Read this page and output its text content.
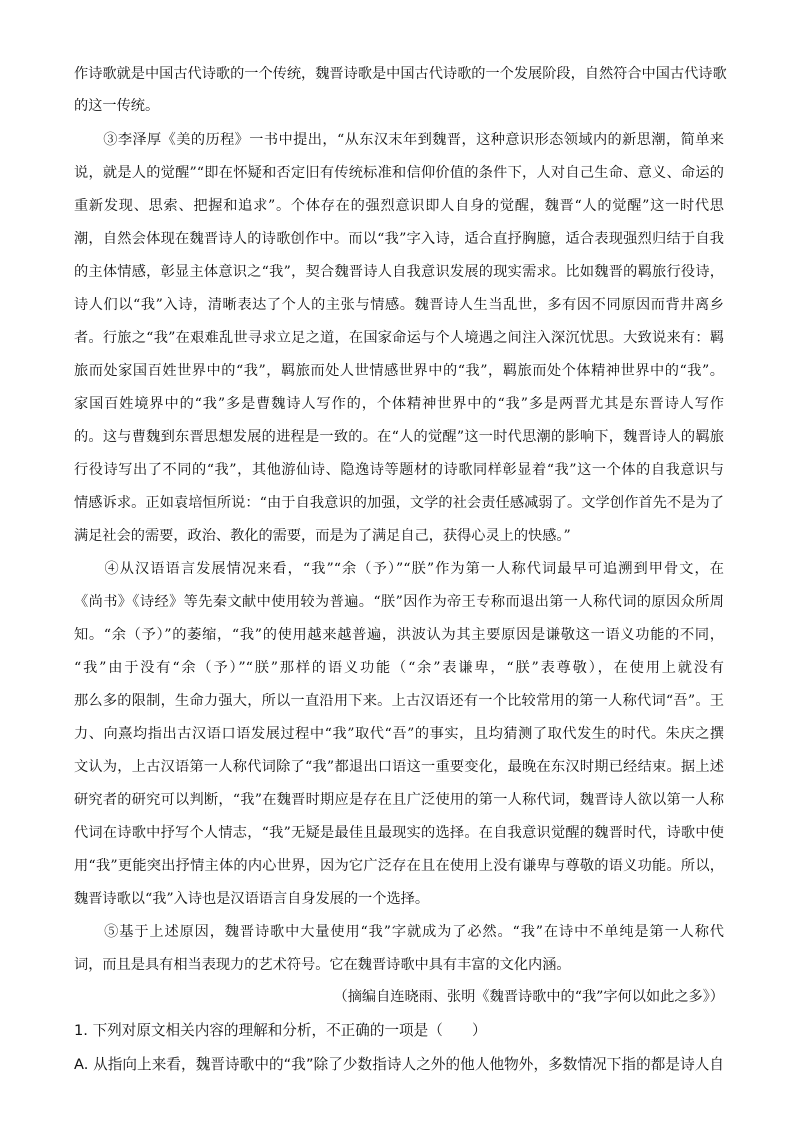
作诗歌就是中国古代诗歌的一个传统，魏晋诗歌是中国古代诗歌的一个发展阶段，自然符合中国古代诗歌
的这一传统。
　　③李泽厚《美的历程》一书中提出，“从东汉末年到魏晋，这种意识形态领域内的新思潮，简单来
说，就是人的觉醒”“即在怀疑和否定旧有传统标准和信仰价值的条件下，人对自己生命、意义、命运的
重新发现、思索、把握和追求”。个体存在的强烈意识即人自身的觉醒，魏晋“人的觉醒”这一时代思
潮，自然会体现在魏晋诗人的诗歌创作中。而以“我”字入诗，适合直抒胸臆，适合表现强烈归结于自我
的主体情感，彰显主体意识之“我”，契合魏晋诗人自我意识发展的现实需求。比如魏晋的羁旅行役诗，
诗人们以“我”入诗，清晰表达了个人的主张与情感。魏晋诗人生当乱世，多有因不同原因而背井离乡
者。行旅之“我”在艰难乱世寻求立足之道，在国家命运与个人境遇之间注入深沉忧思。大致说来有：羁
旅而处家国百姓世界中的“我”，羁旅而处人世情感世界中的“我”，羁旅而处个体精神世界中的“我”。
家国百姓境界中的“我”多是曹魏诗人写作的，个体精神世界中的“我”多是两晋尤其是东晋诗人写作
的。这与曹魏到东晋思想发展的进程是一致的。在“人的觉醒”这一时代思潮的影响下，魏晋诗人的羁旅
行役诗写出了不同的“我”，其他游仙诗、隐逸诗等题材的诗歌同样彰显着“我”这一个体的自我意识与
情感诉求。正如袁培恒所说：“由于自我意识的加强，文学的社会责任感减弱了。文学创作首先不是为了
满足社会的需要，政治、教化的需要，而是为了满足自己，获得心灵上的快感。”
　　④从汉语语言发展情况来看，“我”“余（予）”“朕”作为第一人称代词最早可追溯到甲骨文，在
《尚书》《诗经》等先秦文献中使用较为普遍。“朕”因作为帝王专称而退出第一人称代词的原因众所周
知。“余（予）”的萎缩，“我”的使用越来越普遍，洪波认为其主要原因是谦敬这一语义功能的不同，
“我”由于没有“余（予）”“朕”那样的语义功能（“余”表谦卑，“朕”表尊敬），在使用上就没有
那么多的限制，生命力强大，所以一直沿用下来。上古汉语还有一个比较常用的第一人称代词“吾”。王
力、向熹均指出古汉语口语发展过程中“我”取代“吾”的事实，且均猜测了取代发生的时代。朱庆之撰
文认为，上古汉语第一人称代词除了“我”都退出口语这一重要变化，最晚在东汉时期已经结束。据上述
研究者的研究可以判断，“我”在魏晋时期应是存在且广泛使用的第一人称代词，魏晋诗人欲以第一人称
代词在诗歌中抒写个人情志，“我”无疑是最佳且最现实的选择。在自我意识觉醒的魏晋时代，诗歌中使
用“我”更能突出抒情主体的内心世界，因为它广泛存在且在使用上没有谦卑与尊敬的语义功能。所以，
魏晋诗歌以“我”入诗也是汉语语言自身发展的一个选择。
　　⑤基于上述原因，魏晋诗歌中大量使用“我”字就成为了必然。“我”在诗中不单纯是第一人称代
词，而且是具有相当表现力的艺术符号。它在魏晋诗歌中具有丰富的文化内涵。
（摘编自连晓雨、张明《魏晋诗歌中的“我”字何以如此之多》）
1. 下列对原文相关内容的理解和分析，不正确的一项是（　　）
A. 从指向上来看，魏晋诗歌中的“我”除了少数指诗人之外的他人他物外，多数情况下指的都是诗人自
